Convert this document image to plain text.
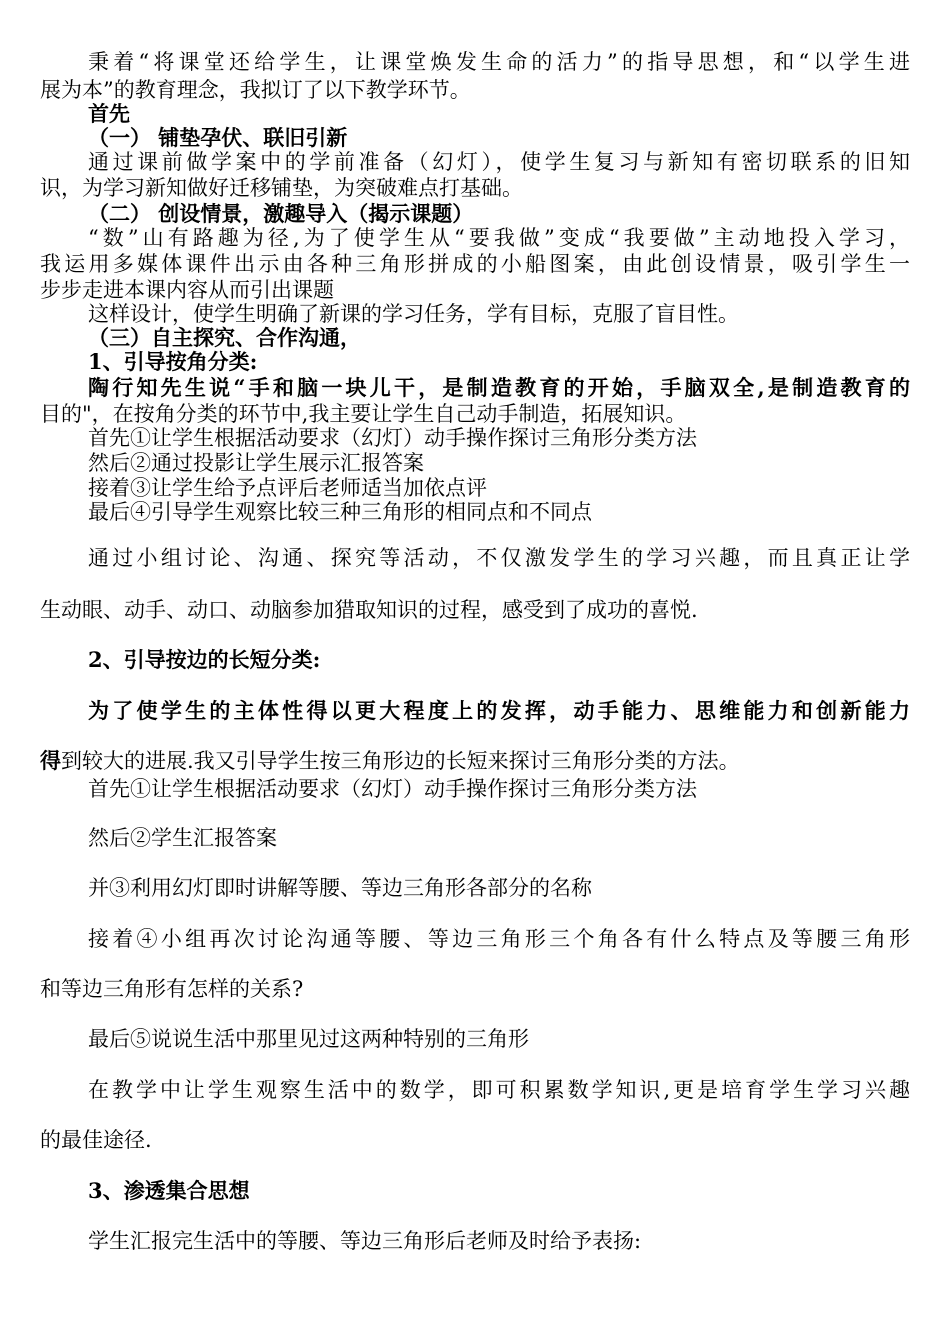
秉着“将课堂还给学生，让课堂焕发生命的活力”的指导思想，和“以学生进
展为本”的教育理念，我拟订了以下教学环节。
首先
（一） 铺垫孕伏、联旧引新
通过课前做学案中的学前准备（幻灯），使学生复习与新知有密切联系的旧知
识，为学习新知做好迁移铺垫，为突破难点打基础。
（二） 创设情景，激趣导入（揭示课题）
“数”山有路趣为径,为了使学生从“要我做”变成“我要做”主动地投入学习，
我运用多媒体课件出示由各种三角形拼成的小船图案，由此创设情景，吸引学生一
步步走进本课内容从而引出课题
这样设计，使学生明确了新课的学习任务，学有目标，克服了盲目性。
（三）自主探究、合作沟通，
1、引导按角分类:
陶行知先生说“手和脑一块儿干，是制造教育的开始，手脑双全,是制造教育的
目的"，在按角分类的环节中,我主要让学生自己动手制造，拓展知识。
首先①让学生根据活动要求（幻灯）动手操作探讨三角形分类方法
然后②通过投影让学生展示汇报答案
接着③让学生给予点评后老师适当加依点评
最后④引导学生观察比较三种三角形的相同点和不同点
通过小组讨论、沟通、探究等活动，不仅激发学生的学习兴趣，而且真正让学
生动眼、动手、动口、动脑参加猎取知识的过程，感受到了成功的喜悦.
2、引导按边的长短分类:
为了使学生的主体性得以更大程度上的发挥，动手能力、思维能力和创新能力
得到较大的进展.我又引导学生按三角形边的长短来探讨三角形分类的方法。
首先①让学生根据活动要求（幻灯）动手操作探讨三角形分类方法
然后②学生汇报答案
并③利用幻灯即时讲解等腰、等边三角形各部分的名称
接着④小组再次讨论沟通等腰、等边三角形三个角各有什么特点及等腰三角形
和等边三角形有怎样的关系?
最后⑤说说生活中那里见过这两种特别的三角形
在教学中让学生观察生活中的数学，即可积累数学知识,更是培育学生学习兴趣
的最佳途径.
3、渗透集合思想
学生汇报完生活中的等腰、等边三角形后老师及时给予表扬:
